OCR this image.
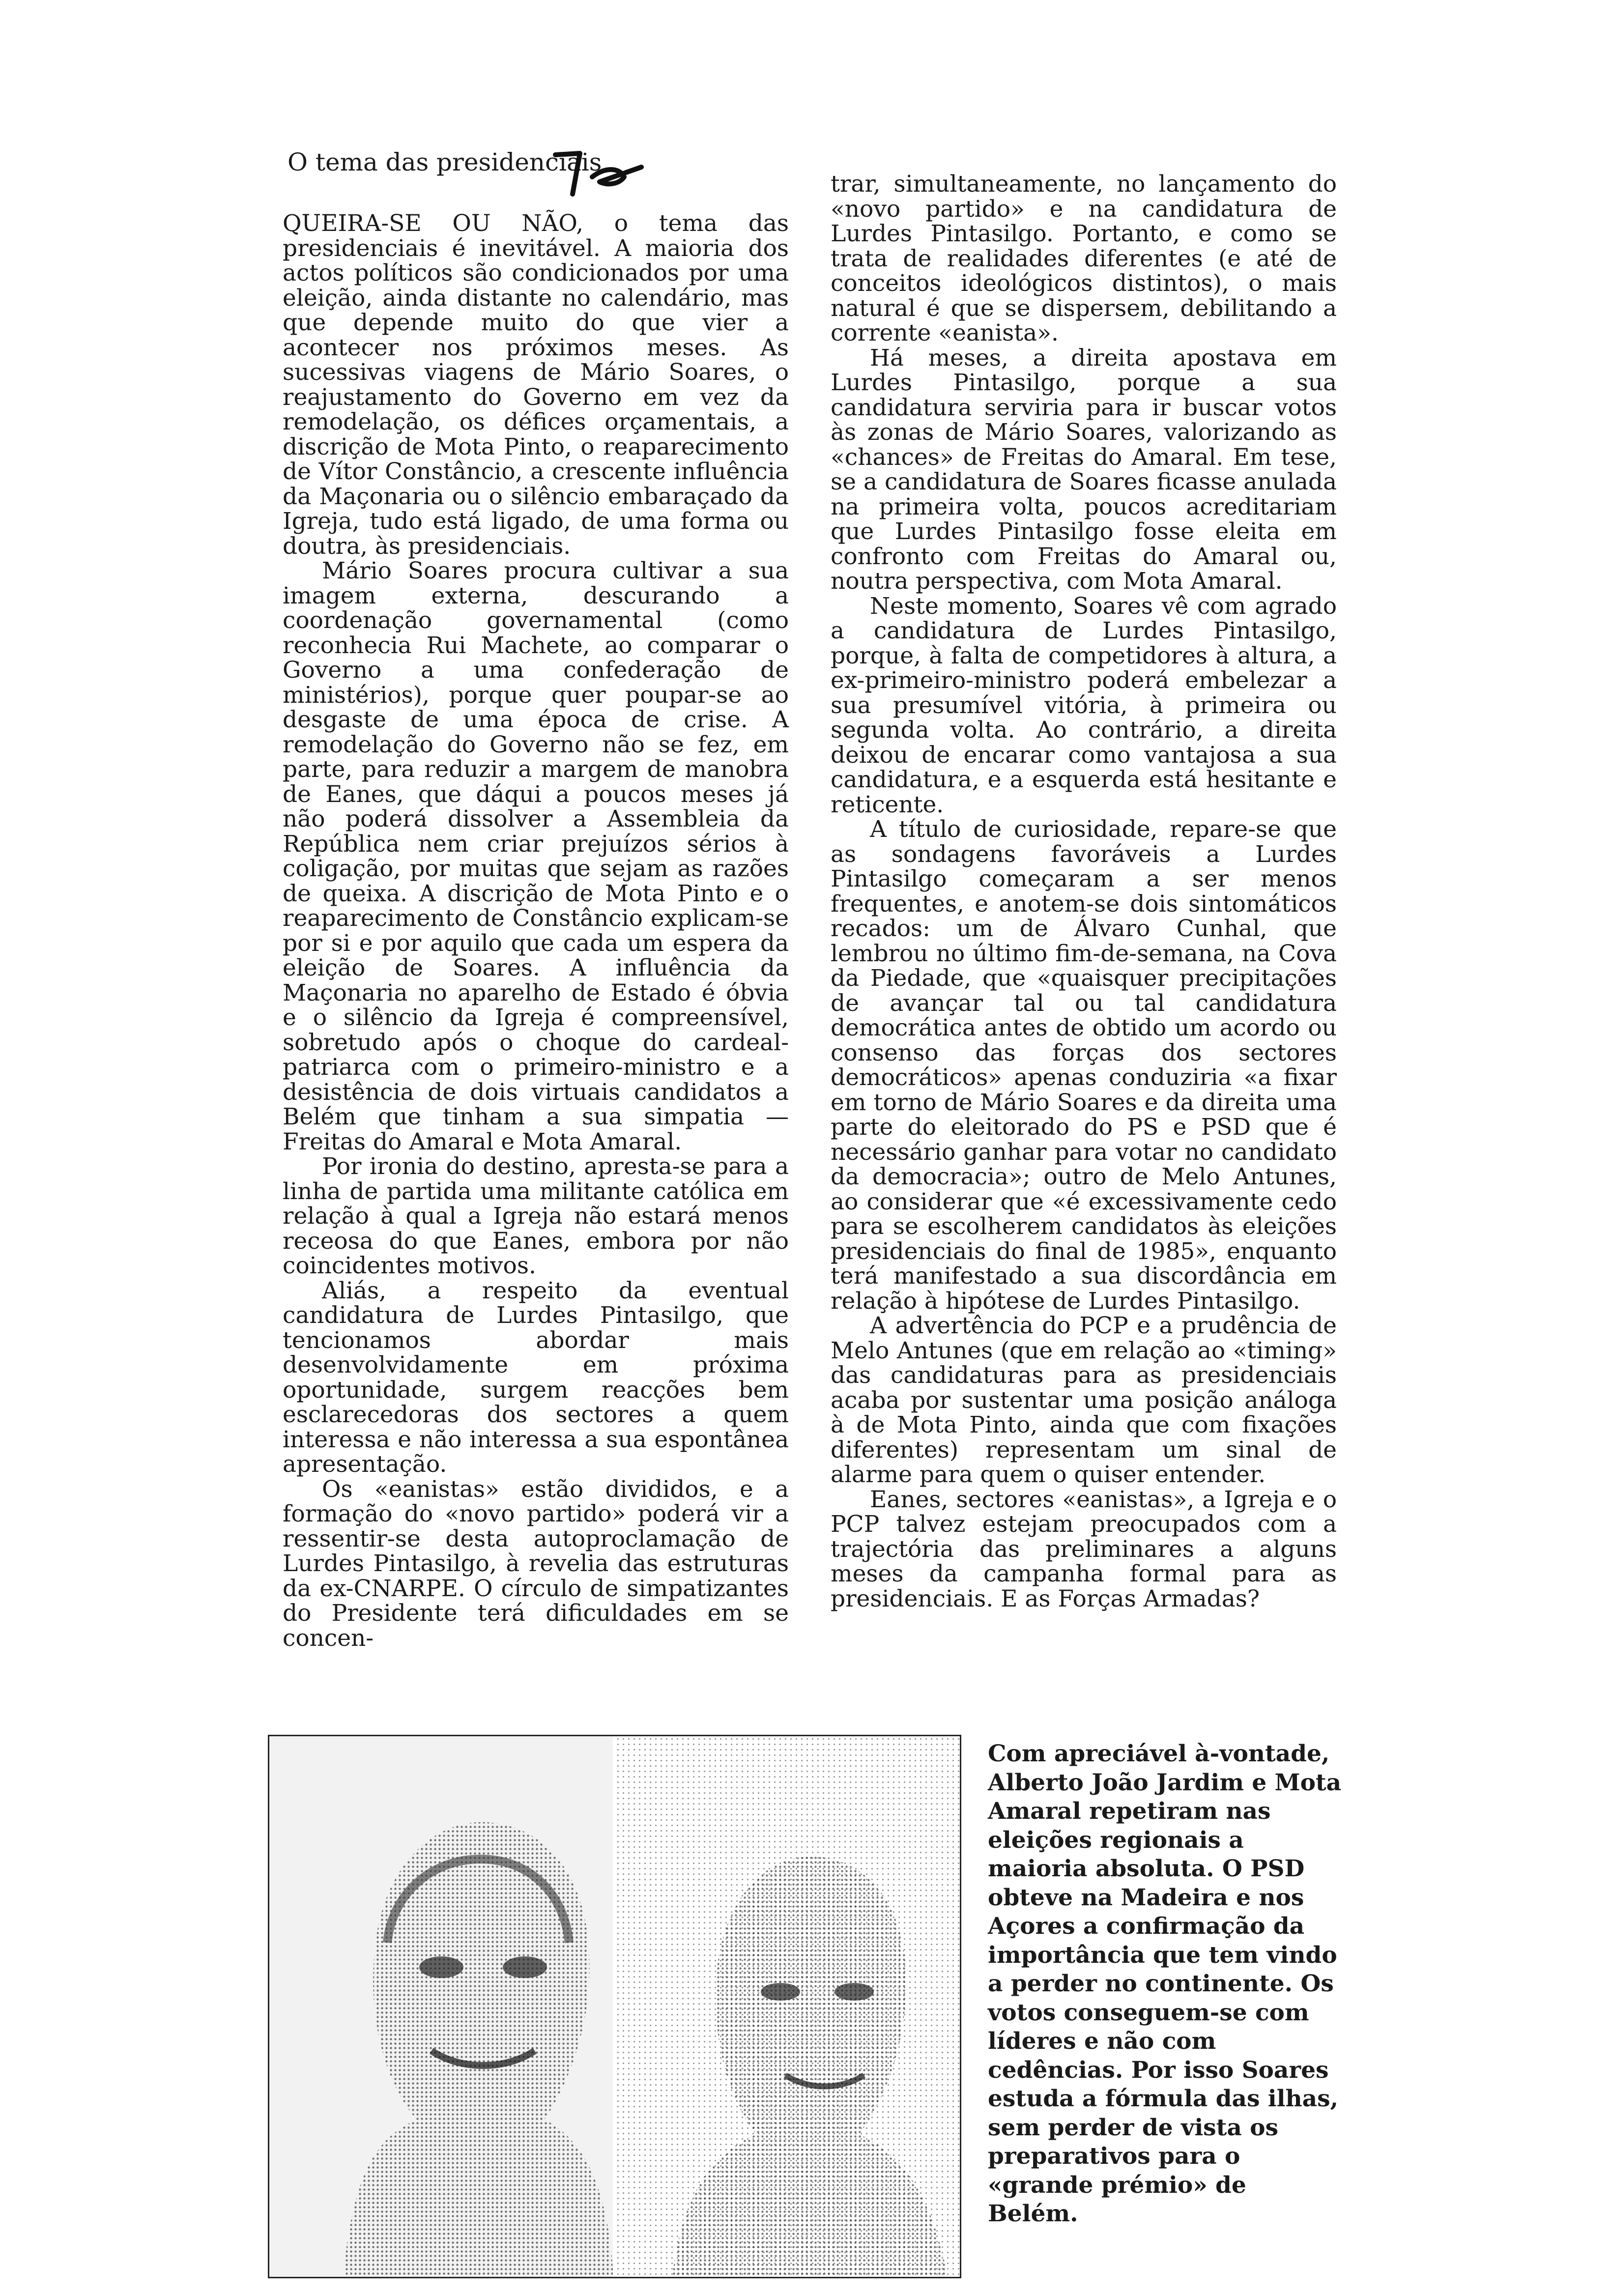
O tema das presidenciais

QUEIRA-SE OU NÃO, o tema das presidenciais é inevitável. A maioria dos actos políticos são condicionados por uma eleição, ainda distante no calendário, mas que depende muito do que vier a acontecer nos próximos meses. As sucessivas viagens de Mário Soares, o reajustamento do Governo em vez da remodelação, os défices orçamentais, a discrição de Mota Pinto, o reaparecimento de Vítor Constâncio, a crescente influência da Maçonaria ou o silêncio embaraçado da Igreja, tudo está ligado, de uma forma ou doutra, às presidenciais.

Mário Soares procura cultivar a sua imagem externa, descurando a coordenação governamental (como reconhecia Rui Machete, ao comparar o Governo a uma confederação de ministérios), porque quer poupar-se ao desgaste de uma época de crise. A remodelação do Governo não se fez, em parte, para reduzir a margem de manobra de Eanes, que dáqui a poucos meses já não poderá dissolver a Assembleia da República nem criar prejuízos sérios à coligação, por muitas que sejam as razões de queixa. A discrição de Mota Pinto e o reaparecimento de Constâncio explicam-se por si e por aquilo que cada um espera da eleição de Soares. A influência da Maçonaria no aparelho de Estado é óbvia e o silêncio da Igreja é compreensível, sobretudo após o choque do cardeal-patriarca com o primeiro-ministro e a desistência de dois virtuais candidatos a Belém que tinham a sua simpatia — Freitas do Amaral e Mota Amaral.

Por ironia do destino, apresta-se para a linha de partida uma militante católica em relação à qual a Igreja não estará menos receosa do que Eanes, embora por não coincidentes motivos.

Aliás, a respeito da eventual candidatura de Lurdes Pintasilgo, que tencionamos abordar mais desenvolvidamente em próxima oportunidade, surgem reacções bem esclarecedoras dos sectores a quem interessa e não interessa a sua espontânea apresentação.

Os «eanistas» estão divididos, e a formação do «novo partido» poderá vir a ressentir-se desta autoproclamação de Lurdes Pintasilgo, à revelia das estruturas da ex-CNARPE. O círculo de simpatizantes do Presidente terá dificuldades em se concen-

trar, simultaneamente, no lançamento do «novo partido» e na candidatura de Lurdes Pintasilgo. Portanto, e como se trata de realidades diferentes (e até de conceitos ideológicos distintos), o mais natural é que se dispersem, debilitando a corrente «eanista».

Há meses, a direita apostava em Lurdes Pintasilgo, porque a sua candidatura serviria para ir buscar votos às zonas de Mário Soares, valorizando as «chances» de Freitas do Amaral. Em tese, se a candidatura de Soares ficasse anulada na primeira volta, poucos acreditariam que Lurdes Pintasilgo fosse eleita em confronto com Freitas do Amaral ou, noutra perspectiva, com Mota Amaral.

Neste momento, Soares vê com agrado a candidatura de Lurdes Pintasilgo, porque, à falta de competidores à altura, a ex-primeiro-ministro poderá embelezar a sua presumível vitória, à primeira ou segunda volta. Ao contrário, a direita deixou de encarar como vantajosa a sua candidatura, e a esquerda está hesitante e reticente.

A título de curiosidade, repare-se que as sondagens favoráveis a Lurdes Pintasilgo começaram a ser menos frequentes, e anotem-se dois sintomáticos recados: um de Álvaro Cunhal, que lembrou no último fim-de-semana, na Cova da Piedade, que «quaisquer precipitações de avançar tal ou tal candidatura democrática antes de obtido um acordo ou consenso das forças dos sectores democráticos» apenas conduziria «a fixar em torno de Mário Soares e da direita uma parte do eleitorado do PS e PSD que é necessário ganhar para votar no candidato da democracia»; outro de Melo Antunes, ao considerar que «é excessivamente cedo para se escolherem candidatos às eleições presidenciais do final de 1985», enquanto terá manifestado a sua discordância em relação à hipótese de Lurdes Pintasilgo.

A advertência do PCP e a prudência de Melo Antunes (que em relação ao «timing» das candidaturas para as presidenciais acaba por sustentar uma posição análoga à de Mota Pinto, ainda que com fixações diferentes) representam um sinal de alarme para quem o quiser entender.

Eanes, sectores «eanistas», a Igreja e o PCP talvez estejam preocupados com a trajectória das preliminares a alguns meses da campanha formal para as presidenciais. E as Forças Armadas?

Com apreciável à-vontade, Alberto João Jardim e Mota Amaral repetiram nas eleições regionais a maioria absoluta. O PSD obteve na Madeira e nos Açores a confirmação da importância que tem vindo a perder no continente. Os votos conseguem-se com líderes e não com cedências. Por isso Soares estuda a fórmula das ilhas, sem perder de vista os preparativos para o «grande prémio» de Belém.
